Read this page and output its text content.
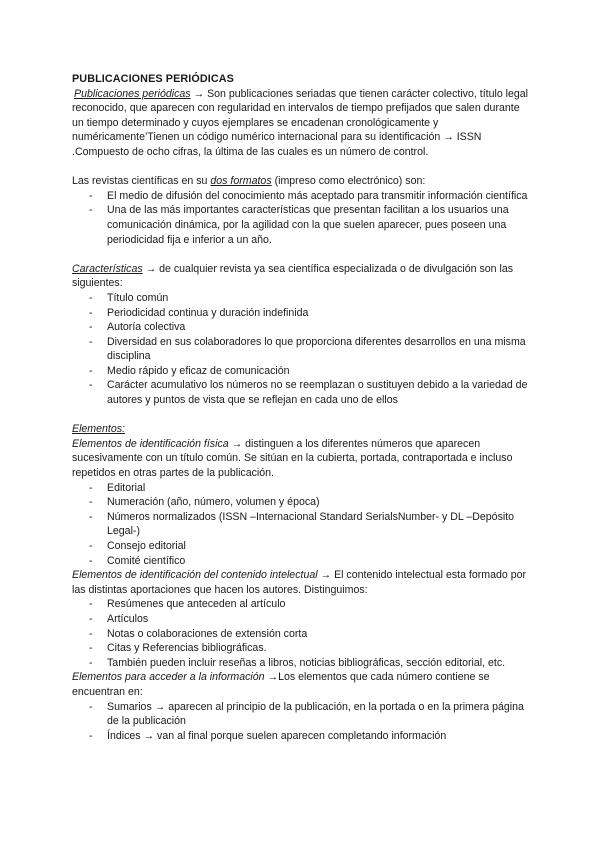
PUBLICACIONES PERIÓDICAS

Publicaciones periódicas → Son publicaciones seriadas que tienen carácter colectivo, título legal reconocido, que aparecen con regularidad en intervalos de tiempo prefijados que salen durante un tiempo determinado y cuyos ejemplares se encadenan cronológicamente y numéricamente’Tienen un código numérico internacional para su identificación → ISSN .Compuesto de ocho cifras, la última de las cuales es un número de control.

Las revistas científicas en su dos formatos (impreso como electrónico) son:

- El medio de difusión del conocimiento más aceptado para transmitir información científica
- Una de las más importantes características que presentan facilitan a los usuarios una comunicación dinámica, por la agilidad con la que suelen aparecer, pues poseen una periodicidad fija e inferior a un año.

Características → de cualquier revista ya sea científica especializada o de divulgación son las siguientes:

- Título común
- Periodicidad continua y duración indefinida
- Autoría colectiva
- Diversidad en sus colaboradores lo que proporciona diferentes desarrollos en una misma disciplina
- Medio rápido y eficaz de comunicación
- Carácter acumulativo los números no se reemplazan o sustituyen debido a la variedad de autores y puntos de vista que se reflejan en cada uno de ellos

Elementos:

Elementos de identificación física → distinguen a los diferentes números que aparecen sucesivamente con un título común. Se sitúan en la cubierta, portada, contraportada e incluso repetidos en otras partes de la publicación.

- Editorial
- Numeración (año, número, volumen y época)
- Números normalizados (ISSN –Internacional Standard SerialsNumber- y DL –Depósito Legal-)
- Consejo editorial
- Comité científico

Elementos de identificación del contenido intelectual → El contenido intelectual esta formado por las distintas aportaciones que hacen los autores. Distinguimos:

- Resúmenes que anteceden al artículo
- Artículos
- Notas o colaboraciones de extensión corta
- Citas y Referencias bibliográficas.
- También pueden incluir reseñas a libros, noticias bibliográficas, sección editorial, etc.

Elementos para acceder a la información →Los elementos que cada número contiene se encuentran en:

- Sumarios → aparecen al principio de la publicación, en la portada o en la primera página de la publicación
- Índices → van al final porque suelen aparecen completando información
